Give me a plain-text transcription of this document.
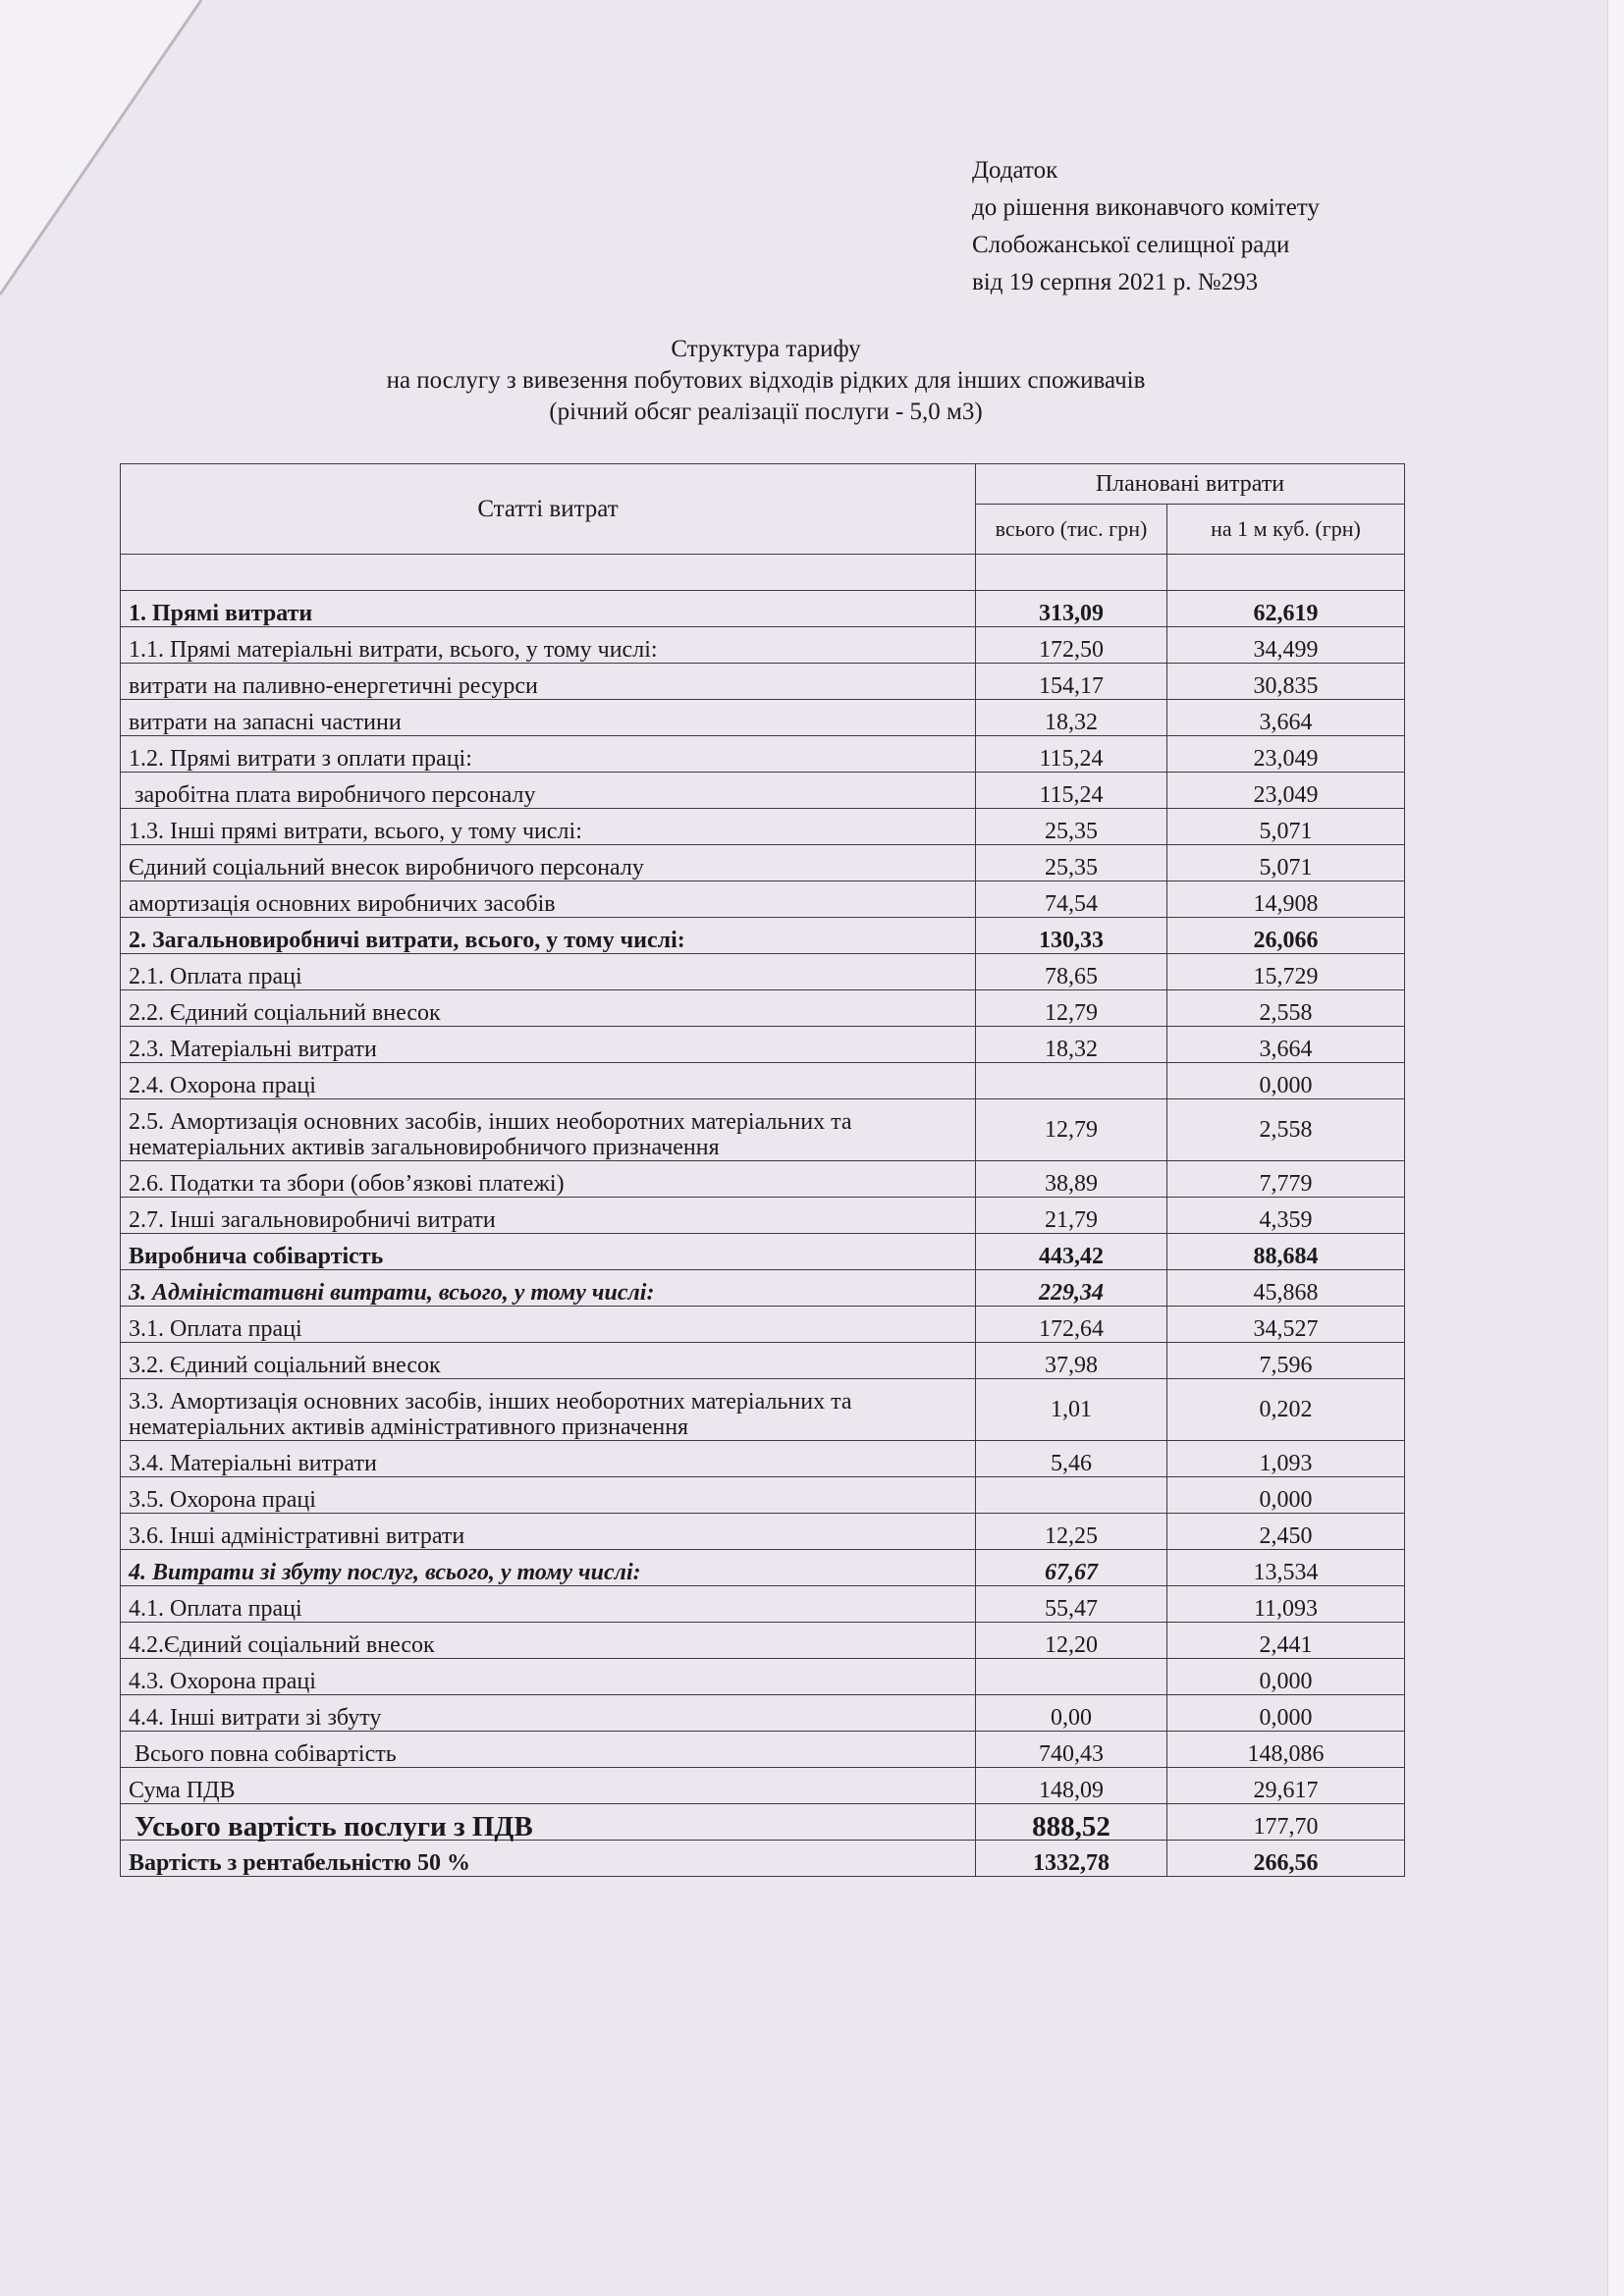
Додаток
до рішення виконавчого комітету
Слобожанської селищної ради
від 19 серпня 2021 р. №293
Структура тарифу
на послугу з вивезення побутових відходів рідких для інших споживачів
(річний обсяг реалізації послуги - 5,0 м3)
Статті витрат	Плановані витрати	
	всього (тис. грн)	на 1 м куб. (грн)

1. Прямі витрати	313,09	62,619
1.1. Прямі матеріальні витрати, всього, у тому числі:	172,50	34,499
витрати на паливно-енергетичні ресурси	154,17	30,835
витрати на запасні частини	18,32	3,664
1.2. Прямі витрати з оплати праці:	115,24	23,049
заробітна плата виробничого персоналу	115,24	23,049
1.3. Інші прямі витрати, всього, у тому числі:	25,35	5,071
Єдиний соціальний внесок виробничого персоналу	25,35	5,071
амортизація основних виробничих засобів	74,54	14,908
2. Загальновиробничі витрати, всього, у тому числі:	130,33	26,066
2.1. Оплата праці	78,65	15,729
2.2. Єдиний соціальний внесок	12,79	2,558
2.3. Матеріальні витрати	18,32	3,664
2.4. Охорона праці		0,000
2.5. Амортизація основних засобів, інших необоротних матеріальних та нематеріальних активів загальновиробничого призначення	12,79	2,558
2.6. Податки та збори (обов’язкові платежі)	38,89	7,779
2.7. Інші загальновиробничі витрати	21,79	4,359
Виробнича собівартість	443,42	88,684
3. Адміністативні витрати, всього, у тому числі:	229,34	45,868
3.1. Оплата праці	172,64	34,527
3.2. Єдиний соціальний внесок	37,98	7,596
3.3. Амортизація основних засобів, інших необоротних матеріальних та нематеріальних активів адміністративного призначення	1,01	0,202
3.4. Матеріальні витрати	5,46	1,093
3.5. Охорона праці		0,000
3.6. Інші адміністративні витрати	12,25	2,450
4. Витрати зі збуту послуг, всього, у тому числі:	67,67	13,534
4.1. Оплата праці	55,47	11,093
4.2.Єдиний соціальний внесок	12,20	2,441
4.3. Охорона праці		0,000
4.4. Інші витрати зі збуту	0,00	0,000
Всього повна собівартість	740,43	148,086
Сума ПДВ	148,09	29,617
Усього вартість послуги з ПДВ	888,52	177,70
Вартість з рентабельністю 50 %	1332,78	266,56
